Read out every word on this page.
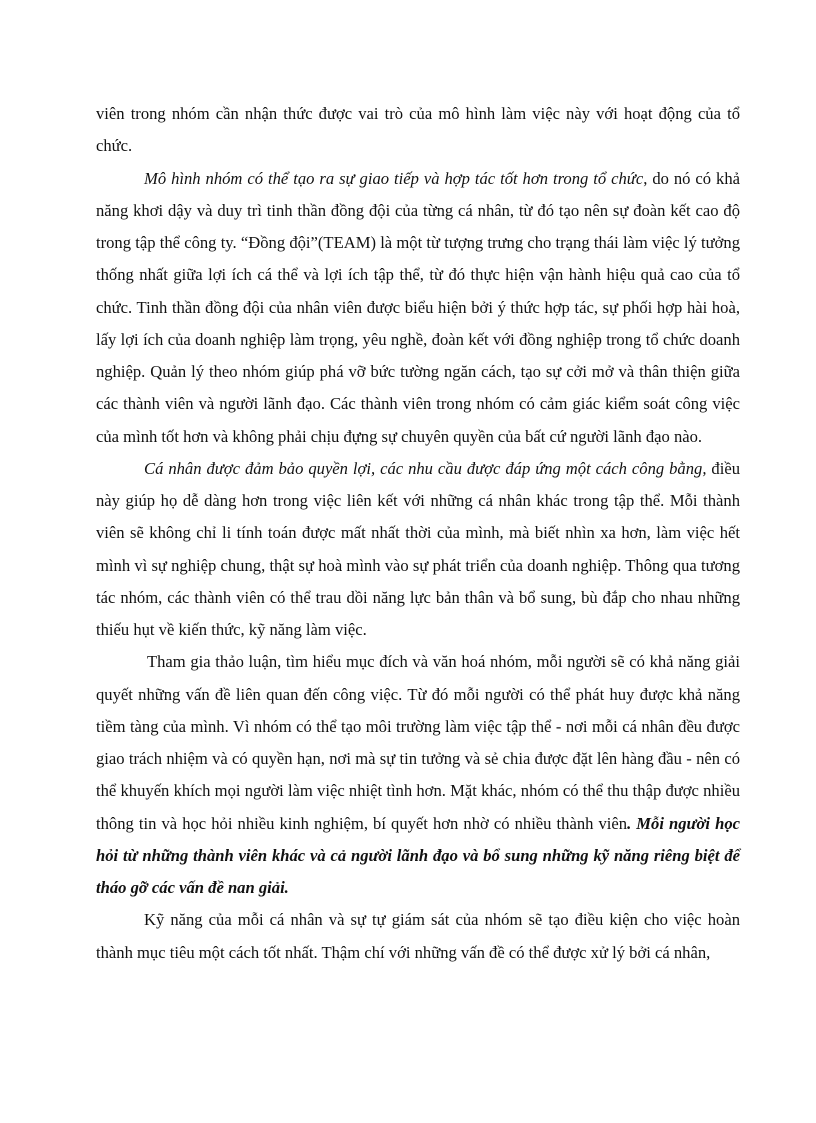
viên trong nhóm cần nhận thức được vai trò của mô hình làm việc này với hoạt động của tổ chức.

Mô hình nhóm có thể tạo ra sự giao tiếp và hợp tác tốt hơn trong tổ chức, do nó có khả năng khơi dậy và duy trì tinh thần đồng đội của từng cá nhân, từ đó tạo nên sự đoàn kết cao độ trong tập thể công ty. “Đồng đội”(TEAM) là một từ tượng trưng cho trạng thái làm việc lý tưởng thống nhất giữa lợi ích cá thể và lợi ích tập thể, từ đó thực hiện vận hành hiệu quả cao của tổ chức. Tinh thần đồng đội của nhân viên được biểu hiện bởi ý thức hợp tác, sự phối hợp hài hoà, lấy lợi ích của doanh nghiệp làm trọng, yêu nghề, đoàn kết với đồng nghiệp trong tổ chức doanh nghiệp. Quản lý theo nhóm giúp phá vỡ bức tường ngăn cách, tạo sự cởi mở và thân thiện giữa các thành viên và người lãnh đạo. Các thành viên trong nhóm có cảm giác kiểm soát công việc của mình tốt hơn và không phải chịu đựng sự chuyên quyền của bất cứ người lãnh đạo nào.

Cá nhân được đảm bảo quyền lợi, các nhu cầu được đáp ứng một cách công bằng, điều này giúp họ dễ dàng hơn trong việc liên kết với những cá nhân khác trong tập thể. Mỗi thành viên sẽ không chỉ li tính toán được mất nhất thời của mình, mà biết nhìn xa hơn, làm việc hết mình vì sự nghiệp chung, thật sự hoà mình vào sự phát triển của doanh nghiệp. Thông qua tương tác nhóm, các thành viên có thể trau dồi năng lực bản thân và bổ sung, bù đắp cho nhau những thiếu hụt về kiến thức, kỹ năng làm việc.

Tham gia thảo luận, tìm hiểu mục đích và văn hoá nhóm, mỗi người sẽ có khả năng giải quyết những vấn đề liên quan đến công việc. Từ đó mỗi người có thể phát huy được khả năng tiềm tàng của mình. Vì nhóm có thể tạo môi trường làm việc tập thể - nơi mỗi cá nhân đều được giao trách nhiệm và có quyền hạn, nơi mà sự tin tưởng và sẻ chia được đặt lên hàng đầu - nên có thể khuyến khích mọi người làm việc nhiệt tình hơn. Mặt khác, nhóm có thể thu thập được nhiều thông tin và học hỏi nhiều kinh nghiệm, bí quyết hơn nhờ có nhiều thành viên. Mỗi người học hỏi từ những thành viên khác và cả người lãnh đạo và bổ sung những kỹ năng riêng biệt để tháo gỡ các vấn đề nan giải.

Kỹ năng của mỗi cá nhân và sự tự giám sát của nhóm sẽ tạo điều kiện cho việc hoàn thành mục tiêu một cách tốt nhất. Thậm chí với những vấn đề có thể được xử lý bởi cá nhân,
